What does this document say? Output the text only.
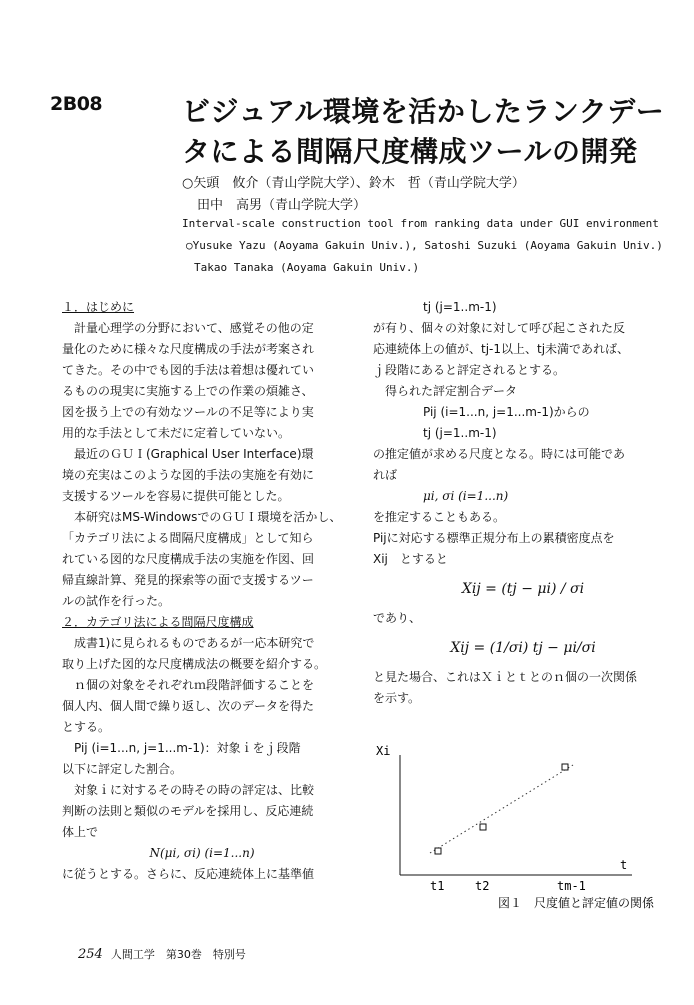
2B08	ビジュアル環境を活かしたランクデー
タによる間隔尺度構成ツールの開発
○矢頭　攸介（青山学院大学）、鈴木　哲（青山学院大学）
田中　高男（青山学院大学）
Interval-scale construction tool from ranking data under GUI environment
○Yusuke Yazu (Aoyama Gakuin Univ.), Satoshi Suzuki (Aoyama Gakuin Univ.)
Takao Tanaka (Aoyama Gakuin Univ.)

１．はじめに

計量心理学の分野において、感覚その他の定

量化のために様々な尺度構成の手法が考案され

てきた。その中でも図的手法は着想は優れてい

るものの現実に実施する上での作業の煩雑さ、

図を扱う上での有効なツールの不足等により実

用的な手法として未だに定着していない。

最近のＧＵＩ(Graphical User Interface)環

境の充実はこのような図的手法の実施を有効に

支援するツールを容易に提供可能とした。

本研究はMS-WindowsでのＧＵＩ環境を活かし、

「カテゴリ法による間隔尺度構成」として知ら

れている図的な尺度構成手法の実施を作図、回

帰直線計算、発見的探索等の面で支援するツー

ルの試作を行った。

２．カテゴリ法による間隔尺度構成

成書1)に見られるものであるが一応本研究で

取り上げた図的な尺度構成法の概要を紹介する。

ｎ個の対象をそれぞれｍ段階評価することを

個人内、個人間で繰り返し、次のデータを得た

とする。

Pij (i=1...n, j=1...m-1)：対象ｉをｊ段階

以下に評定した割合。

対象ｉに対するその時その時の評定は、比較

判断の法則と類似のモデルを採用し、反応連続

体上で

N(μi, σi) (i=1...n)

に従うとする。さらに、反応連続体上に基準値

tj (j=1..m-1)

が有り、個々の対象に対して呼び起こされた反

応連続体上の値が、tj-1以上、tj未満であれば、

ｊ段階にあると評定されるとする。

得られた評定割合データ

Pij (i=1...n, j=1...m-1)からの

tj (j=1..m-1)

の推定値が求める尺度となる。時には可能であ

れば

μi, σi (i=1...n)

を推定することもある。

Pijに対応する標準正規分布上の累積密度点を

Xij　とすると

Xij = (tj − μi) / σi

であり、

Xij = (1/σi) tj − μi/σi

と見た場合、これはＸｉとｔとのｎ個の一次関係

を示す。

Xi
t
t1	t2	tm-1
図１　尺度値と評定値の関係
254 人間工学　第30巻　特別号
